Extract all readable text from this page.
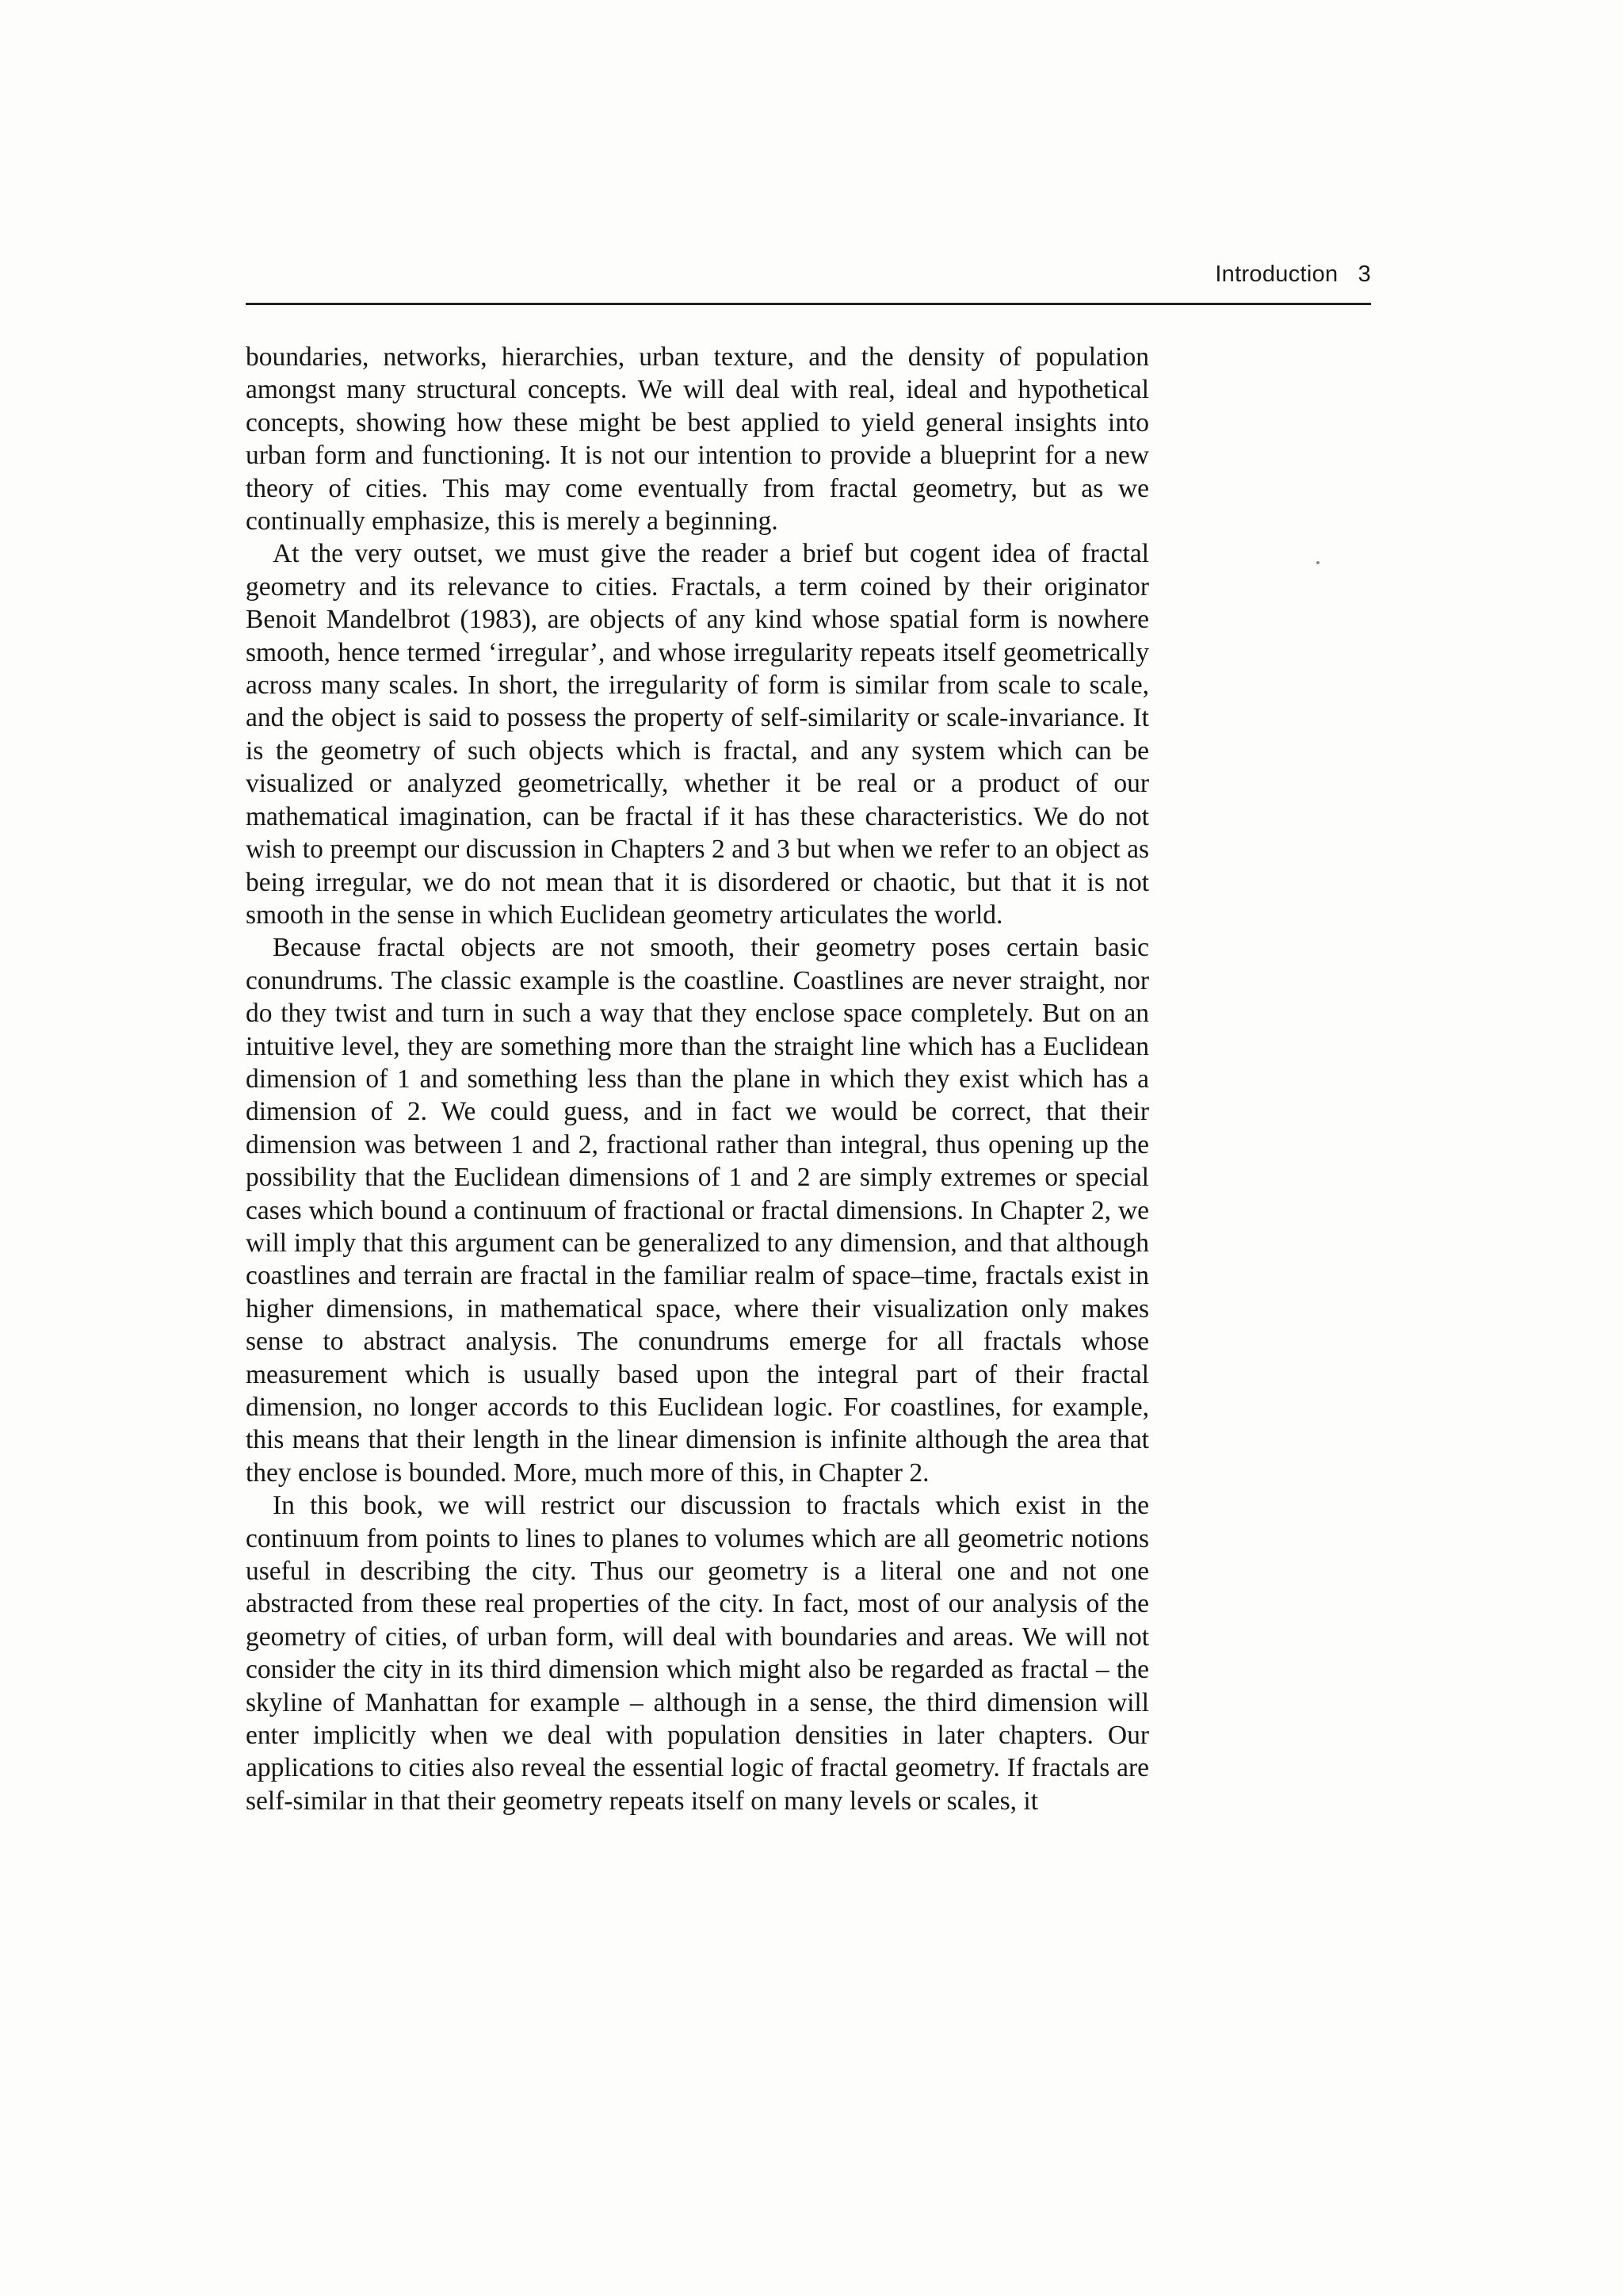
Introduction 3

boundaries, networks, hierarchies, urban texture, and the density of population amongst many structural concepts. We will deal with real, ideal and hypothetical concepts, showing how these might be best applied to yield general insights into urban form and functioning. It is not our intention to provide a blueprint for a new theory of cities. This may come eventually from fractal geometry, but as we continually emphasize, this is merely a beginning.

At the very outset, we must give the reader a brief but cogent idea of fractal geometry and its relevance to cities. Fractals, a term coined by their originator Benoit Mandelbrot (1983), are objects of any kind whose spatial form is nowhere smooth, hence termed ‘irregular’, and whose irregularity repeats itself geometrically across many scales. In short, the irregularity of form is similar from scale to scale, and the object is said to possess the property of self-similarity or scale-invariance. It is the geometry of such objects which is fractal, and any system which can be visualized or analyzed geometrically, whether it be real or a product of our mathematical imagination, can be fractal if it has these characteristics. We do not wish to preempt our discussion in Chapters 2 and 3 but when we refer to an object as being irregular, we do not mean that it is disordered or chaotic, but that it is not smooth in the sense in which Euclidean geometry articulates the world.

Because fractal objects are not smooth, their geometry poses certain basic conundrums. The classic example is the coastline. Coastlines are never straight, nor do they twist and turn in such a way that they enclose space completely. But on an intuitive level, they are something more than the straight line which has a Euclidean dimension of 1 and something less than the plane in which they exist which has a dimension of 2. We could guess, and in fact we would be correct, that their dimension was between 1 and 2, fractional rather than integral, thus opening up the possibility that the Euclidean dimensions of 1 and 2 are simply extremes or special cases which bound a continuum of fractional or fractal dimensions. In Chapter 2, we will imply that this argument can be generalized to any dimension, and that although coastlines and terrain are fractal in the familiar realm of space–time, fractals exist in higher dimensions, in mathematical space, where their visualization only makes sense to abstract analysis. The conundrums emerge for all fractals whose measurement which is usually based upon the integral part of their fractal dimension, no longer accords to this Euclidean logic. For coastlines, for example, this means that their length in the linear dimension is infinite although the area that they enclose is bounded. More, much more of this, in Chapter 2.

In this book, we will restrict our discussion to fractals which exist in the continuum from points to lines to planes to volumes which are all geometric notions useful in describing the city. Thus our geometry is a literal one and not one abstracted from these real properties of the city. In fact, most of our analysis of the geometry of cities, of urban form, will deal with boundaries and areas. We will not consider the city in its third dimension which might also be regarded as fractal – the skyline of Manhattan for example – although in a sense, the third dimension will enter implicitly when we deal with population densities in later chapters. Our applications to cities also reveal the essential logic of fractal geometry. If fractals are self-similar in that their geometry repeats itself on many levels or scales, it
